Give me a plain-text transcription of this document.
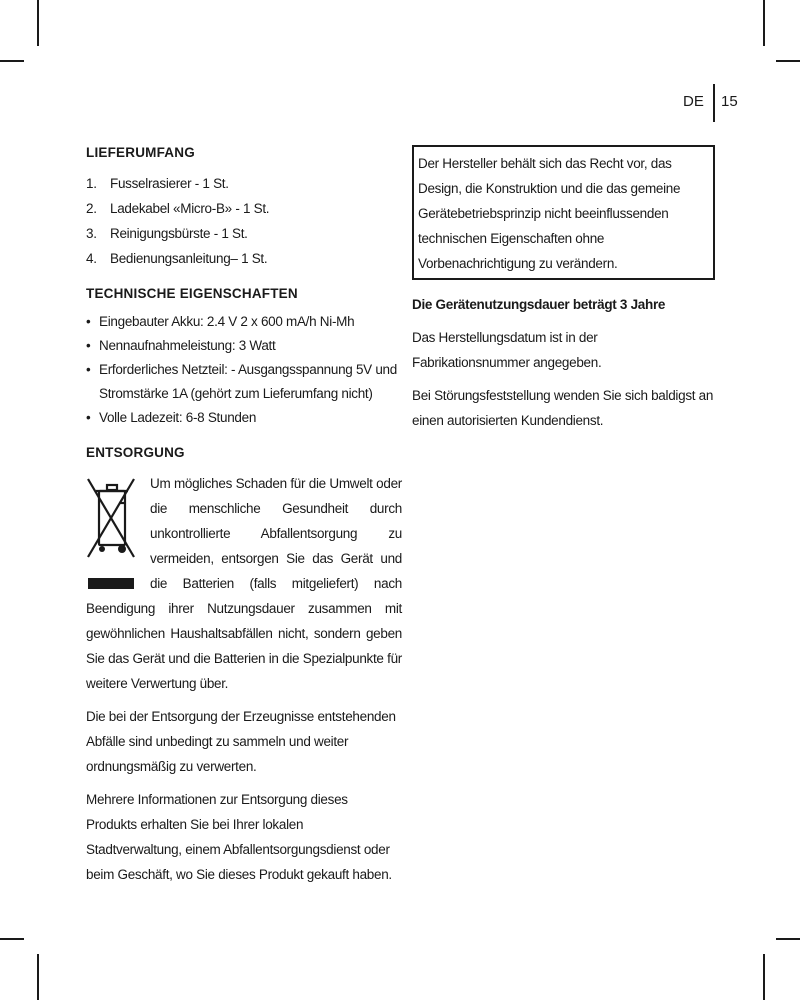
DE 15
LIEFERUMFANG
1. Fusselrasierer - 1 St.
2. Ladekabel «Micro-B» - 1 St.
3. Reinigungsbürste - 1 St.
4. Bedienungsanleitung– 1 St.
TECHNISCHE EIGENSCHAFTEN
• Eingebauter Akku: 2.4 V 2 x 600 mA/h Ni-Mh
• Nennaufnahmeleistung: 3 Watt
• Erforderliches Netzteil: - Ausgangsspannung 5V und Stromstärke 1A (gehört zum Lieferumfang nicht)
• Volle Ladezeit: 6-8 Stunden
ENTSORGUNG

Um mögliches Schaden für die Umwelt oder die menschliche Gesundheit durch unkontrollierte Abfallentsorgung zu vermeiden, entsorgen Sie das Gerät und die Batterien (falls mitgeliefert) nach Beendigung ihrer Nutzungsdauer zusammen mit gewöhnlichen Haushaltsabfällen nicht, sondern geben Sie das Gerät und die Batterien in die Spezialpunkte für weitere Verwertung über.

Die bei der Entsorgung der Erzeugnisse entstehenden Abfälle sind unbedingt zu sammeln und weiter ordnungsmäßig zu verwerten.

Mehrere Informationen zur Entsorgung dieses Produkts erhalten Sie bei Ihrer lokalen Stadtverwaltung, einem Abfallentsorgungsdienst oder beim Geschäft, wo Sie dieses Produkt gekauft haben.

Der Hersteller behält sich das Recht vor, das Design, die Konstruktion und die das gemeine Gerätebetriebsprinzip nicht beeinflussenden technischen Eigenschaften ohne Vorbenachrichtigung zu verändern.

Die Gerätenutzungsdauer beträgt 3 Jahre

Das Herstellungsdatum ist in der Fabrikationsnummer angegeben.

Bei Störungsfeststellung wenden Sie sich baldigst an einen autorisierten Kundendienst.
